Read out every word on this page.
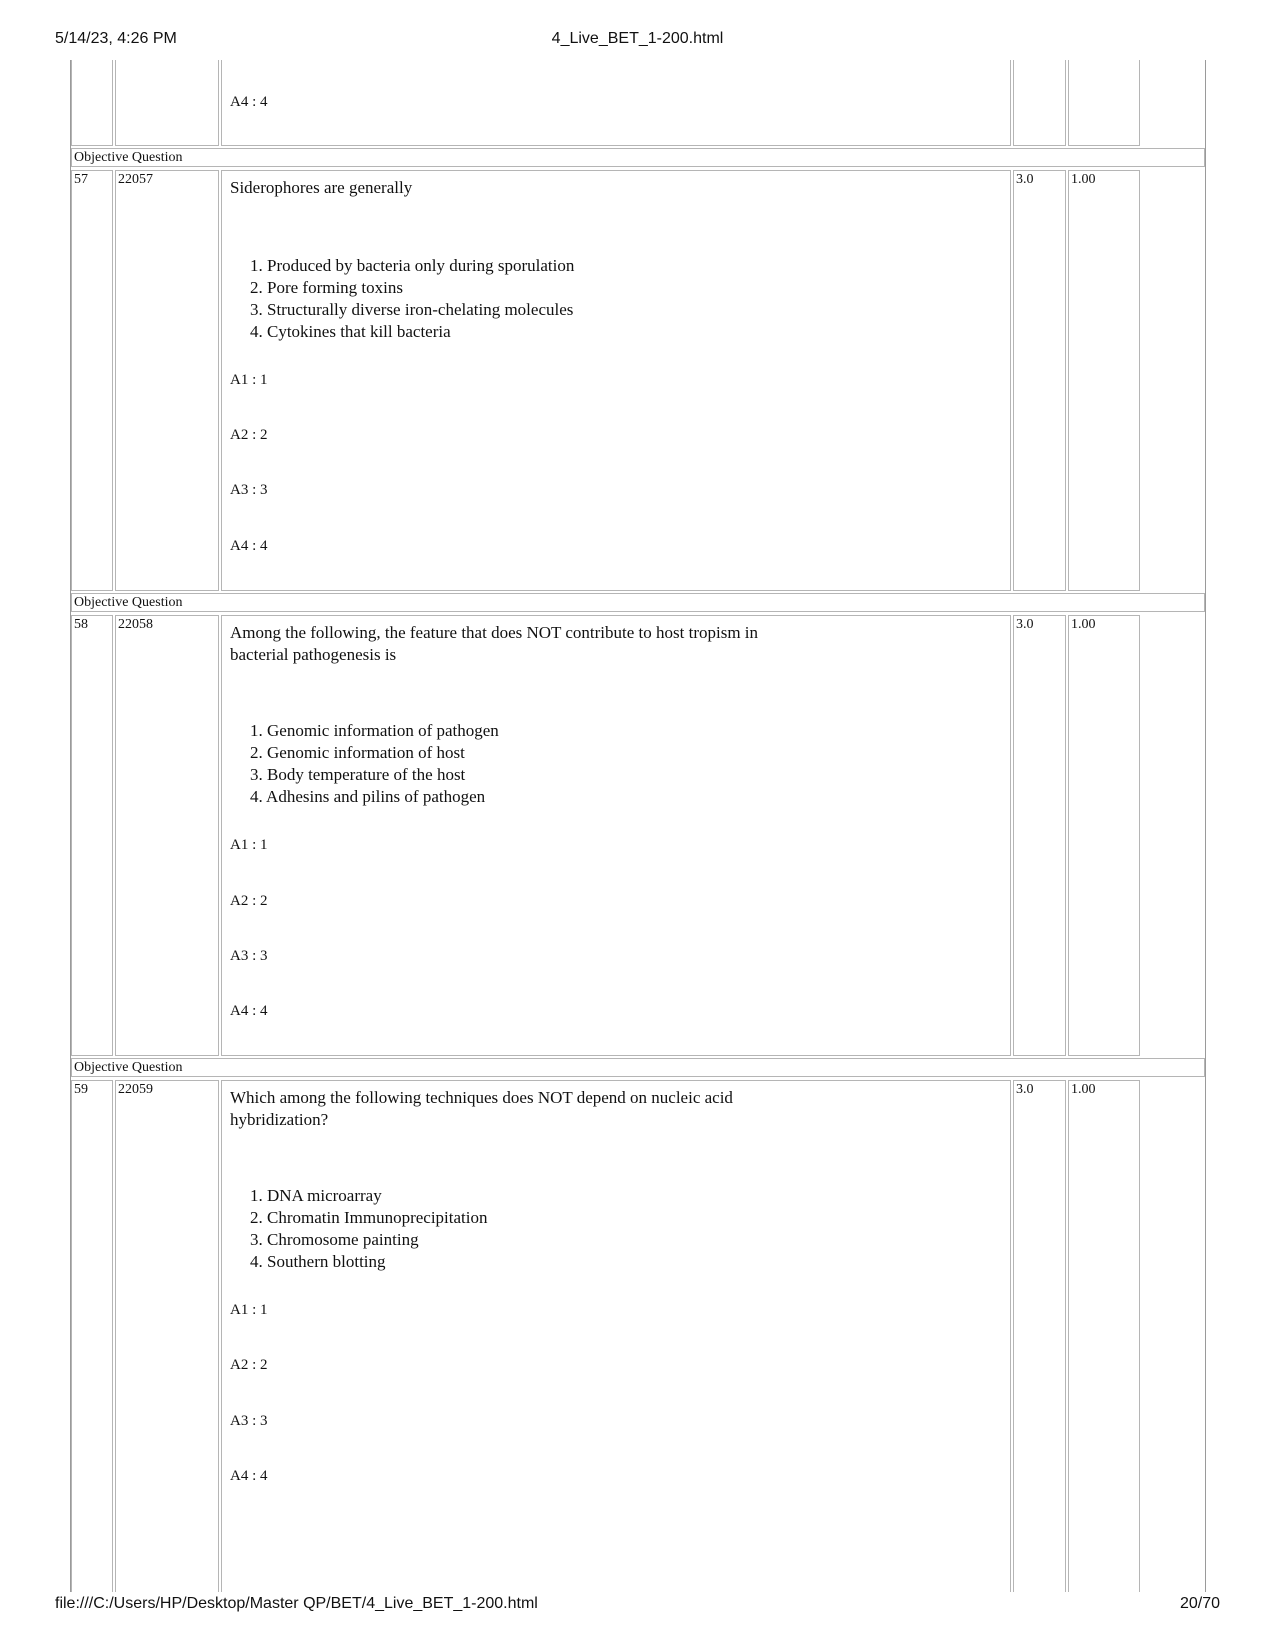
5/14/23, 4:26 PM	4_Live_BET_1-200.html
A4 : 4
Objective Question
57	22057	Siderophores are generally
1. Produced by bacteria only during sporulation
2. Pore forming toxins
3. Structurally diverse iron-chelating molecules
4. Cytokines that kill bacteria
A1 : 1
A2 : 2
A3 : 3
A4 : 4
3.0	1.00
Objective Question
58	22058	Among the following, the feature that does NOT contribute to host tropism in bacterial pathogenesis is
1. Genomic information of pathogen
2. Genomic information of host
3. Body temperature of the host
4. Adhesins and pilins of pathogen
A1 : 1
A2 : 2
A3 : 3
A4 : 4
3.0	1.00
Objective Question
59	22059	Which among the following techniques does NOT depend on nucleic acid hybridization?
1. DNA microarray
2. Chromatin Immunoprecipitation
3. Chromosome painting
4. Southern blotting
A1 : 1
A2 : 2
A3 : 3
A4 : 4
3.0	1.00
file:///C:/Users/HP/Desktop/Master QP/BET/4_Live_BET_1-200.html	20/70
